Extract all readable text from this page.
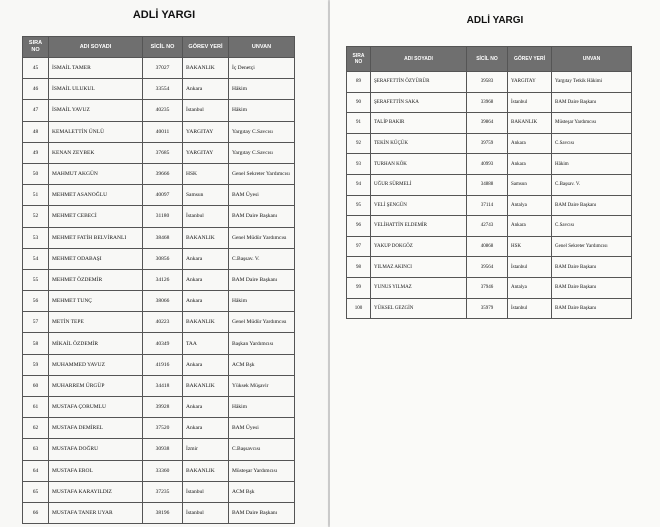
ADLİ YARGI
SIRA NO	ADI SOYADI	SİCİL NO	GÖREV YERİ	UNVAN
45	İSMAİL TAMER	37027	BAKANLIK	İç Denetçi
46	İSMAİL ULUKUL	33554	Ankara	Hâkim
47	İSMAİL YAVUZ	40235	İstanbul	Hâkim
48	KEMALETTİN ÜNLÜ	40011	YARGITAY	Yargıtay C.Savcısı
49	KENAN ZEYBEK	37685	YARGITAY	Yargıtay C.Savcısı
50	MAHMUT AKGÜN	39666	HSK	Genel Sekreter Yardımcısı
51	MEHMET ASANOĞLU	40097	Samsun	BAM Üyesi
52	MEHMET CEBECİ	31180	İstanbul	BAM Daire Başkanı
53	MEHMET FATİH BELVİRANLI	38468	BAKANLIK	Genel Müdür Yardımcısı
54	MEHMET ODABAŞI	30856	Ankara	C.Başsav. V.
55	MEHMET ÖZDEMİR	34126	Ankara	BAM Daire Başkanı
56	MEHMET TUNÇ	38066	Ankara	Hâkim
57	METİN TEPE	40223	BAKANLIK	Genel Müdür Yardımcısı
58	MİKAİL ÖZDEMİR	40349	TAA	Başkan Yardımcısı
59	MUHAMMED YAVUZ	41916	Ankara	ACM Bşk
60	MUHARREM ÜRGÜP	34418	BAKANLIK	Yüksek Müşavir
61	MUSTAFA ÇORUMLU	39928	Ankara	Hâkim
62	MUSTAFA DEMİREL	37520	Ankara	BAM Üyesi
63	MUSTAFA DOĞRU	30938	İzmir	C.Başsavcısı
64	MUSTAFA EROL	33360	BAKANLIK	Müsteşar Yardımcısı
65	MUSTAFA KARAYILDIZ	37235	İstanbul	ACM Bşk
66	MUSTAFA TANER UYAR	38196	İstanbul	BAM Daire Başkanı
ADLİ YARGI
SIRA NO	ADI SOYADI	SİCİL NO	GÖREV YERİ	UNVAN
89	ŞERAFETTİN ÖZYÜRÜR	39583	YARGITAY	Yargıtay Tetkik Hâkimi
90	ŞERAFETTİN SAKA	33968	İstanbul	BAM Daire Başkanı
91	TALİP BAKIR	39864	BAKANLIK	Müsteşar Yardımcısı
92	TEKİN KÜÇÜK	39759	Ankara	C.Savcısı
93	TURHAN KÖK	40993	Ankara	Hâkim
94	UĞUR SÜRMELİ	34888	Samsun	C.Başsav. V.
95	VELİ ŞENGÜN	37114	Antalya	BAM Daire Başkanı
96	VELİHATTİN ELDEMİR	42743	Ankara	C.Savcısı
97	YAKUP DOKGÖZ	40868	HSK	Genel Sekreter Yardımcısı
98	YILMAZ AKINCI	39564	İstanbul	BAM Daire Başkanı
99	YUNUS YILMAZ	37946	Antalya	BAM Daire Başkanı
100	YÜKSEL GEZGİN	35979	İstanbul	BAM Daire Başkanı
